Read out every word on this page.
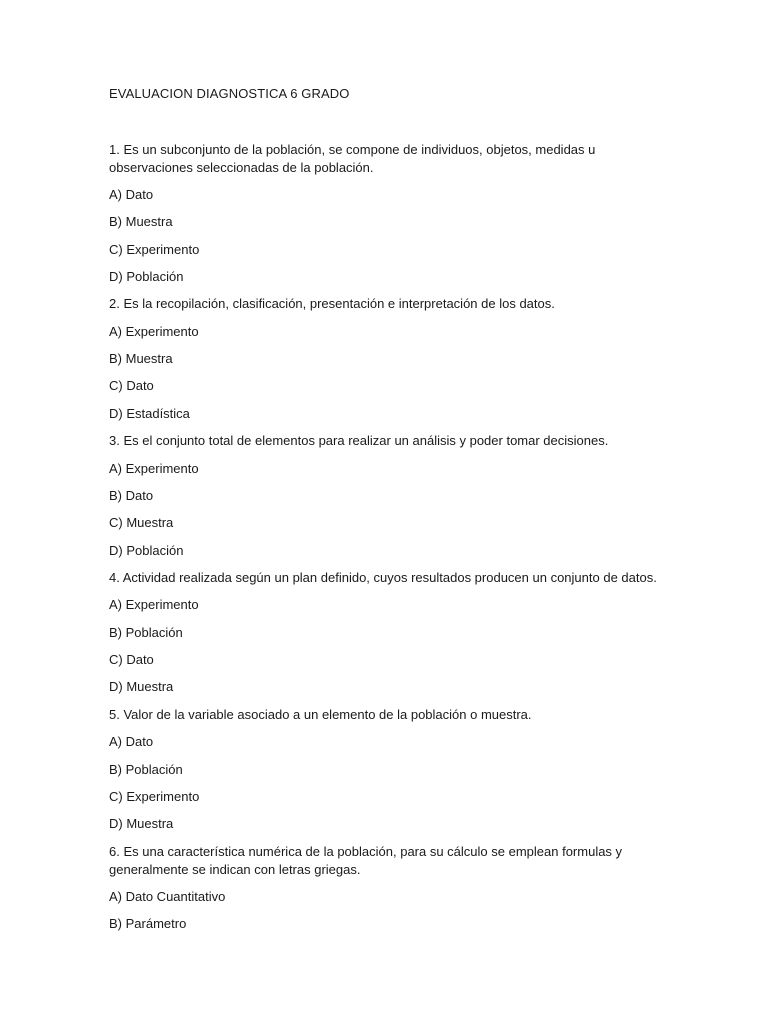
EVALUACION DIAGNOSTICA 6 GRADO

1. Es un subconjunto de la población, se compone de individuos, objetos, medidas u

observaciones seleccionadas de la población.

A) Dato

B) Muestra

C) Experimento

D) Población

2. Es la recopilación, clasificación, presentación e interpretación de los datos.

A) Experimento

B) Muestra

C) Dato

D) Estadística

3. Es el conjunto total de elementos para realizar un análisis y poder tomar decisiones.

A) Experimento

B) Dato

C) Muestra

D) Población

4. Actividad realizada según un plan definido, cuyos resultados producen un conjunto de datos.

A) Experimento

B) Población

C) Dato

D) Muestra

5. Valor de la variable asociado a un elemento de la población o muestra.

A) Dato

B) Población

C) Experimento

D) Muestra

6. Es una característica numérica de la población, para su cálculo se emplean formulas y

generalmente se indican con letras griegas.

A) Dato Cuantitativo

B) Parámetro
